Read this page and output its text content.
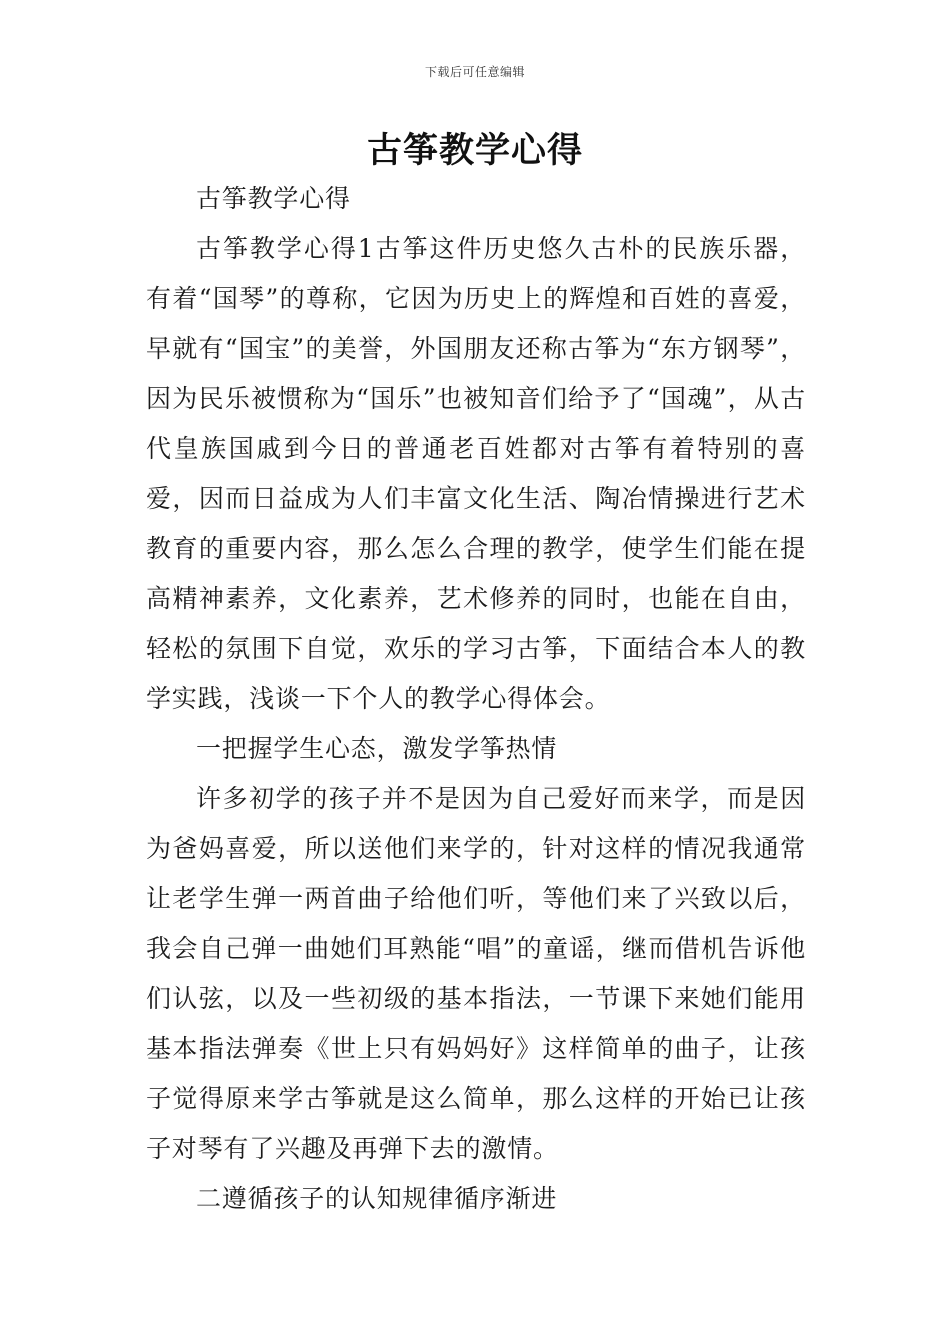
下载后可任意编辑
古筝教学心得

古筝教学心得

古筝教学心得1古筝这件历史悠久古朴的民族乐器，有着“国琴”的尊称，它因为历史上的辉煌和百姓的喜爱，早就有“国宝”的美誉，外国朋友还称古筝为“东方钢琴”，因为民乐被惯称为“国乐”也被知音们给予了“国魂”，从古代皇族国戚到今日的普通老百姓都对古筝有着特别的喜爱，因而日益成为人们丰富文化生活、陶冶情操进行艺术教育的重要内容，那么怎么合理的教学，使学生们能在提高精神素养，文化素养，艺术修养的同时，也能在自由，轻松的氛围下自觉，欢乐的学习古筝，下面结合本人的教学实践，浅谈一下个人的教学心得体会。

一把握学生心态，激发学筝热情

许多初学的孩子并不是因为自己爱好而来学，而是因为爸妈喜爱，所以送他们来学的，针对这样的情况我通常让老学生弹一两首曲子给他们听，等他们来了兴致以后，我会自己弹一曲她们耳熟能“唱”的童谣，继而借机告诉他们认弦，以及一些初级的基本指法，一节课下来她们能用基本指法弹奏《世上只有妈妈好》这样简单的曲子，让孩子觉得原来学古筝就是这么简单，那么这样的开始已让孩子对琴有了兴趣及再弹下去的激情。

二遵循孩子的认知规律循序渐进
